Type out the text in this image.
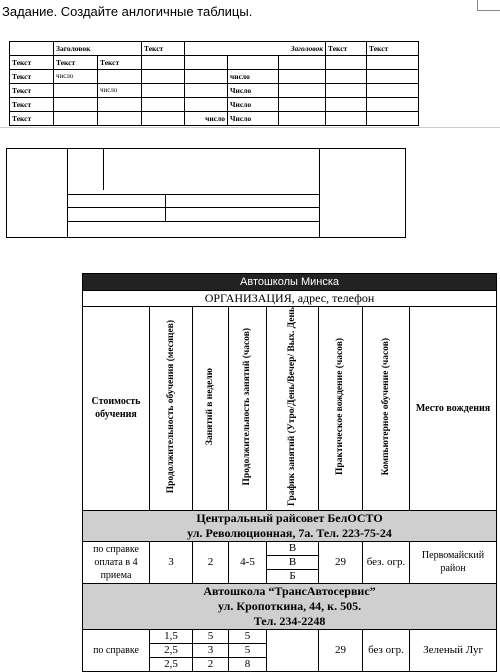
Задание. Создайте анлогичные таблицы.
	Заголовок		Текст	Заголовок			Текст	Текст
Текст	Текст	Текст						
Текст	число				число			
Текст		число			Число			
Текст					Число			
Текст				число	Число			
Автошколы Минска							
ОРГАНИЗАЦИЯ, адрес, телефон							
Стоимость обучения	Продолжительность обучения (месяцев)	Занятий в неделю	Продолжительность занятий (часов)	График занятий (Утро/День/Вечер/ Вых. День	Практическое вождение (часов)	Компьютерное обучение (часов)	Место вождения

Центральный райсовет БелОСТО
ул. Революционная, 7а. Тел. 223-75-24							

по справке оплата в 4 приема	3	2	4-5	В	29	без. огр.	Первомайский район
				В			
				Б			

Автошкола “ТрансАвтосервис”
ул. Кропоткина, 44, к. 505.
Тел. 234-2248							

по справке	1,5	5	5		29	без огр.	Зеленый Луг
	2,5	3	5				
	2,5	2	8				
